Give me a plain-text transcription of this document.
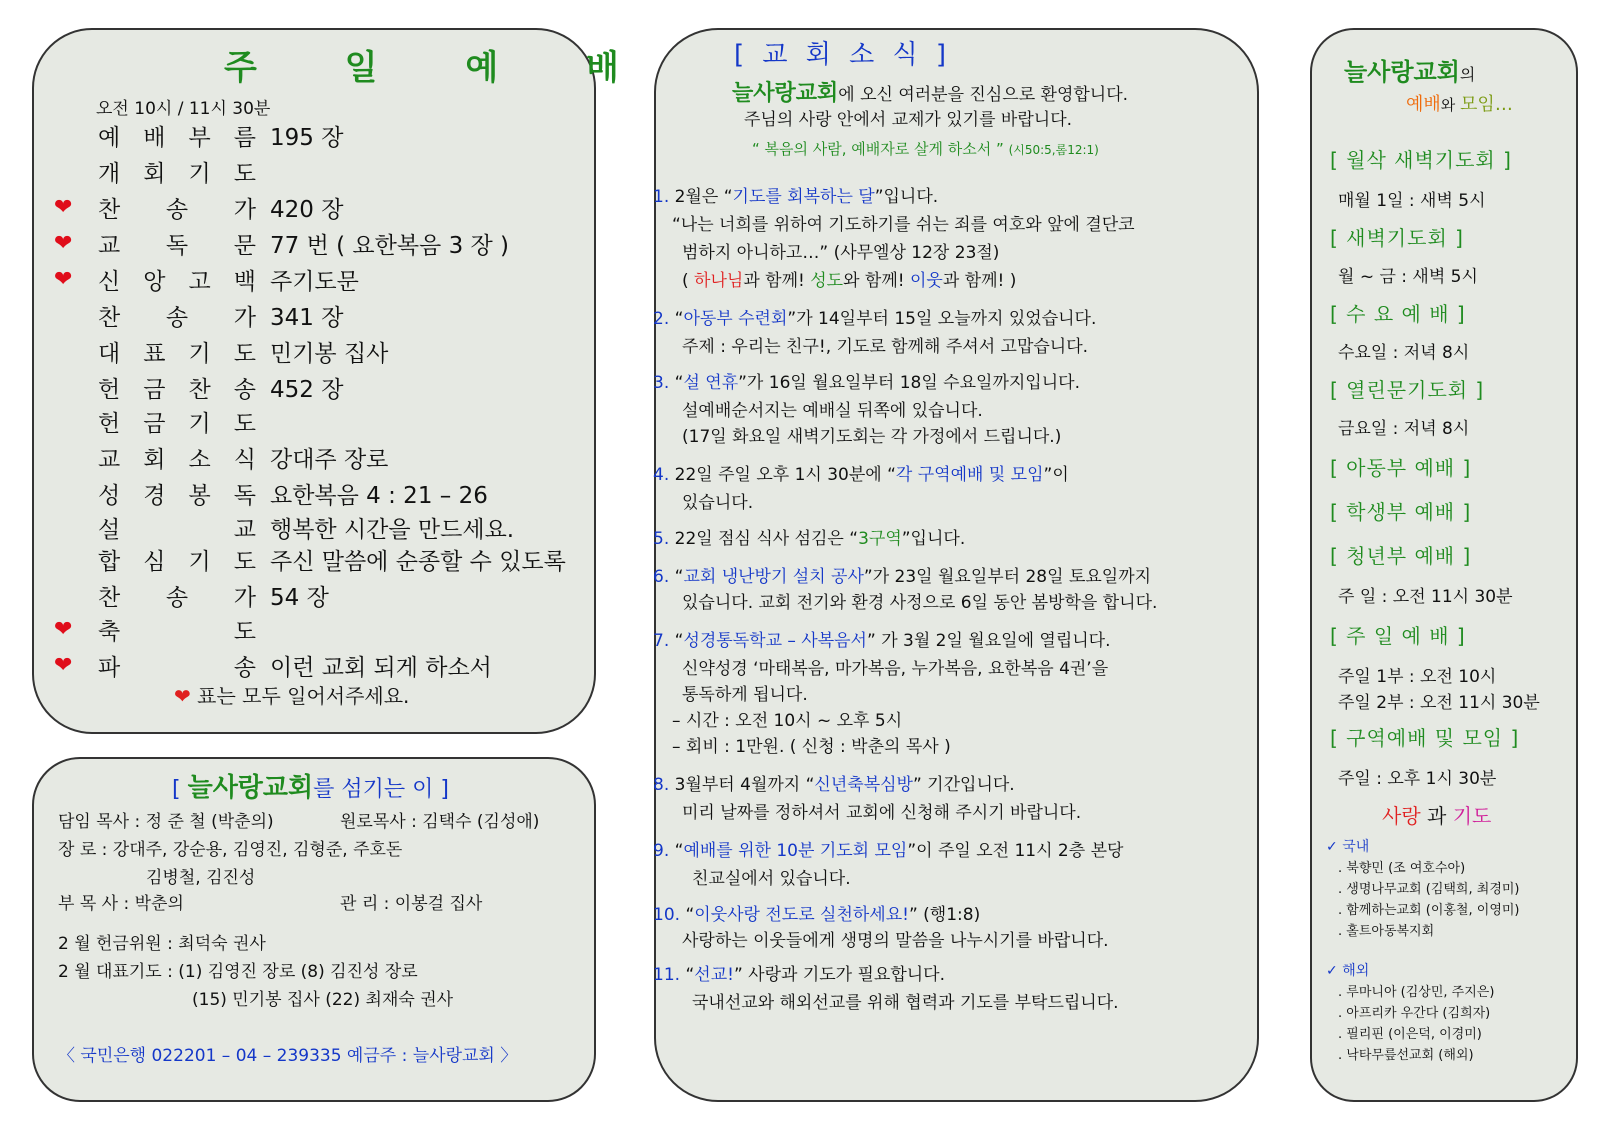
주 일 예 배
오전 10시 / 11시 30분
예 배 부 름 195 장
개 회 기 도
❤	찬 송 가 420 장
❤	교 독 문 77 번 ( 요한복음 3 장 )
❤	신 앙 고 백 주기도문
찬 송 가 341 장
대 표 기 도 민기봉 집사
헌 금 찬 송 452 장
헌 금 기 도
교 회 소 식 강대주 장로
성 경 봉 독 요한복음 4 : 21 – 26
설	교 행복한 시간을 만드세요.
합 심 기 도 주신 말씀에 순종할 수 있도록
찬 송 가 54 장
❤	축	도
❤	파	송 이런 교회 되게 하소서
❤ 표는 모두 일어서주세요.
[ 늘사랑교회를 섬기는 이 ]
담임 목사 : 정 준 철 (박춘의)	원로목사 : 김택수 (김성애)
장 로 : 강대주, 강순용, 김영진, 김형준, 주호돈
김병철, 김진성
부 목 사 : 박춘의	관 리 : 이봉걸 집사
2 월 헌금위원 : 최덕숙 권사
2 월 대표기도 : (1) 김영진 장로 (8) 김진성 장로
(15) 민기봉 집사 (22) 최재숙 권사
〈 국민은행 022201 – 04 – 239335 예금주 : 늘사랑교회 〉
[ 교 회 소 식 ]
늘사랑교회에 오신 여러분을 진심으로 환영합니다.
주님의 사랑 안에서 교제가 있기를 바랍니다.
“ 복음의 사람, 예배자로 살게 하소서 ” (시50:5,롬12:1)
1. 2월은 “기도를 회복하는 달”입니다.
“나는 너희를 위하여 기도하기를 쉬는 죄를 여호와 앞에 결단코
범하지 아니하고…” (사무엘상 12장 23절)
( 하나님과 함께! 성도와 함께! 이웃과 함께! )
2. “아동부 수련회”가 14일부터 15일 오늘까지 있었습니다.
주제 : 우리는 친구!, 기도로 함께해 주셔서 고맙습니다.
3. “설 연휴”가 16일 월요일부터 18일 수요일까지입니다.
설예배순서지는 예배실 뒤쪽에 있습니다.
(17일 화요일 새벽기도회는 각 가정에서 드립니다.)
4. 22일 주일 오후 1시 30분에 “각 구역예배 및 모임”이
있습니다.
5. 22일 점심 식사 섬김은 “3구역”입니다.
6. “교회 냉난방기 설치 공사”가 23일 월요일부터 28일 토요일까지
있습니다. 교회 전기와 환경 사정으로 6일 동안 봄방학을 합니다.
7. “성경통독학교 – 사복음서” 가 3월 2일 월요일에 열립니다.
신약성경 ‘마태복음, 마가복음, 누가복음, 요한복음 4권’을
통독하게 됩니다.
– 시간 : 오전 10시 ~ 오후 5시
– 회비 : 1만원. ( 신청 : 박춘의 목사 )
8. 3월부터 4월까지 “신년축복심방” 기간입니다.
미리 날짜를 정하셔서 교회에 신청해 주시기 바랍니다.
9. “예배를 위한 10분 기도회 모임”이 주일 오전 11시 2층 본당
친교실에서 있습니다.
10. “이웃사랑 전도로 실천하세요!” (행1:8)
사랑하는 이웃들에게 생명의 말씀을 나누시기를 바랍니다.
11. “선교!” 사랑과 기도가 필요합니다.
국내선교와 해외선교를 위해 협력과 기도를 부탁드립니다.
늘사랑교회의
예배와 모임…
[ 월삭 새벽기도회 ]
매월 1일 : 새벽 5시
[ 새벽기도회 ]
월 ~ 금 : 새벽 5시
[ 수 요 예 배 ]
수요일 : 저녁 8시
[ 열린문기도회 ]
금요일 : 저녁 8시
[ 아동부 예배 ]
[ 학생부 예배 ]
[ 청년부 예배 ]
주 일 : 오전 11시 30분
[ 주 일 예 배 ]
주일 1부 : 오전 10시
주일 2부 : 오전 11시 30분
[ 구역예배 및 모임 ]
주일 : 오후 1시 30분
사랑 과 기도
✓ 국내
. 북향민 (조 여호수아)
. 생명나무교회 (김택희, 최경미)
. 함께하는교회 (이홍철, 이영미)
. 홀트아동복지회
✓ 해외
. 루마니아 (김상민, 주지은)
. 아프리카 우간다 (김희자)
. 필리핀 (이은덕, 이경미)
. 낙타무릎선교회 (해외)
